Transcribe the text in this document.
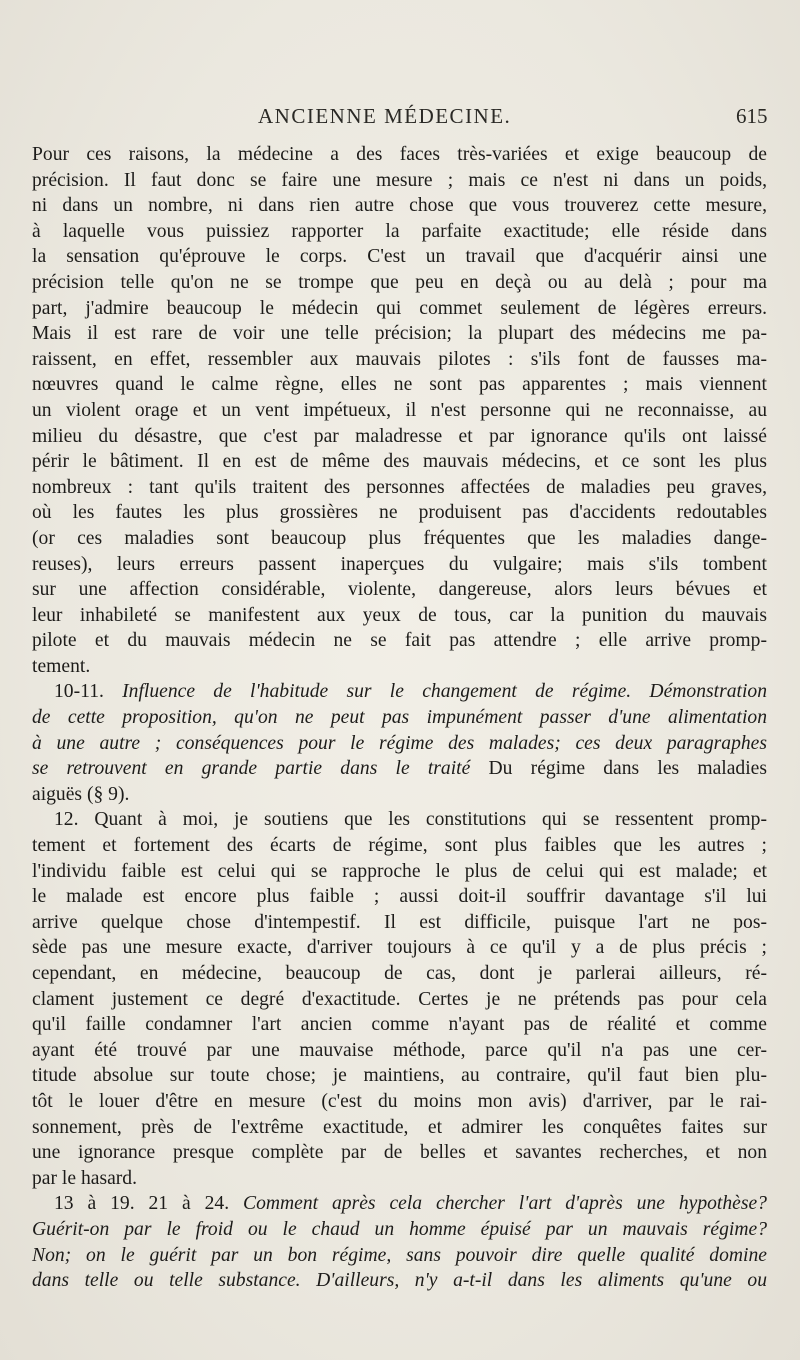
ANCIENNE MÉDECINE.	615
Pour ces raisons, la médecine a des faces très-variées et exige beaucoup de
précision. Il faut donc se faire une mesure ; mais ce n'est ni dans un poids,
ni dans un nombre, ni dans rien autre chose que vous trouverez cette mesure,
à laquelle vous puissiez rapporter la parfaite exactitude; elle réside dans
la sensation qu'éprouve le corps. C'est un travail que d'acquérir ainsi une
précision telle qu'on ne se trompe que peu en deçà ou au delà ; pour ma
part, j'admire beaucoup le médecin qui commet seulement de légères erreurs.
Mais il est rare de voir une telle précision; la plupart des médecins me pa-
raissent, en effet, ressembler aux mauvais pilotes : s'ils font de fausses ma-
nœuvres quand le calme règne, elles ne sont pas apparentes ; mais viennent
un violent orage et un vent impétueux, il n'est personne qui ne reconnaisse, au
milieu du désastre, que c'est par maladresse et par ignorance qu'ils ont laissé
périr le bâtiment. Il en est de même des mauvais médecins, et ce sont les plus
nombreux : tant qu'ils traitent des personnes affectées de maladies peu graves,
où les fautes les plus grossières ne produisent pas d'accidents redoutables
(or ces maladies sont beaucoup plus fréquentes que les maladies dange-
reuses), leurs erreurs passent inaperçues du vulgaire; mais s'ils tombent
sur une affection considérable, violente, dangereuse, alors leurs bévues et
leur inhabileté se manifestent aux yeux de tous, car la punition du mauvais
pilote et du mauvais médecin ne se fait pas attendre ; elle arrive promp-
tement.
10-11. Influence de l'habitude sur le changement de régime. Démonstration
de cette proposition, qu'on ne peut pas impunément passer d'une alimentation
à une autre ; conséquences pour le régime des malades; ces deux paragraphes
se retrouvent en grande partie dans le traité Du régime dans les maladies
aiguës (§ 9).
12. Quant à moi, je soutiens que les constitutions qui se ressentent promp-
tement et fortement des écarts de régime, sont plus faibles que les autres ;
l'individu faible est celui qui se rapproche le plus de celui qui est malade; et
le malade est encore plus faible ; aussi doit-il souffrir davantage s'il lui
arrive quelque chose d'intempestif. Il est difficile, puisque l'art ne pos-
sède pas une mesure exacte, d'arriver toujours à ce qu'il y a de plus précis ;
cependant, en médecine, beaucoup de cas, dont je parlerai ailleurs, ré-
clament justement ce degré d'exactitude. Certes je ne prétends pas pour cela
qu'il faille condamner l'art ancien comme n'ayant pas de réalité et comme
ayant été trouvé par une mauvaise méthode, parce qu'il n'a pas une cer-
titude absolue sur toute chose; je maintiens, au contraire, qu'il faut bien plu-
tôt le louer d'être en mesure (c'est du moins mon avis) d'arriver, par le rai-
sonnement, près de l'extrême exactitude, et admirer les conquêtes faites sur
une ignorance presque complète par de belles et savantes recherches, et non
par le hasard.
13 à 19. 21 à 24. Comment après cela chercher l'art d'après une hypothèse?
Guérit-on par le froid ou le chaud un homme épuisé par un mauvais régime?
Non; on le guérit par un bon régime, sans pouvoir dire quelle qualité domine
dans telle ou telle substance. D'ailleurs, n'y a-t-il dans les aliments qu'une ou
